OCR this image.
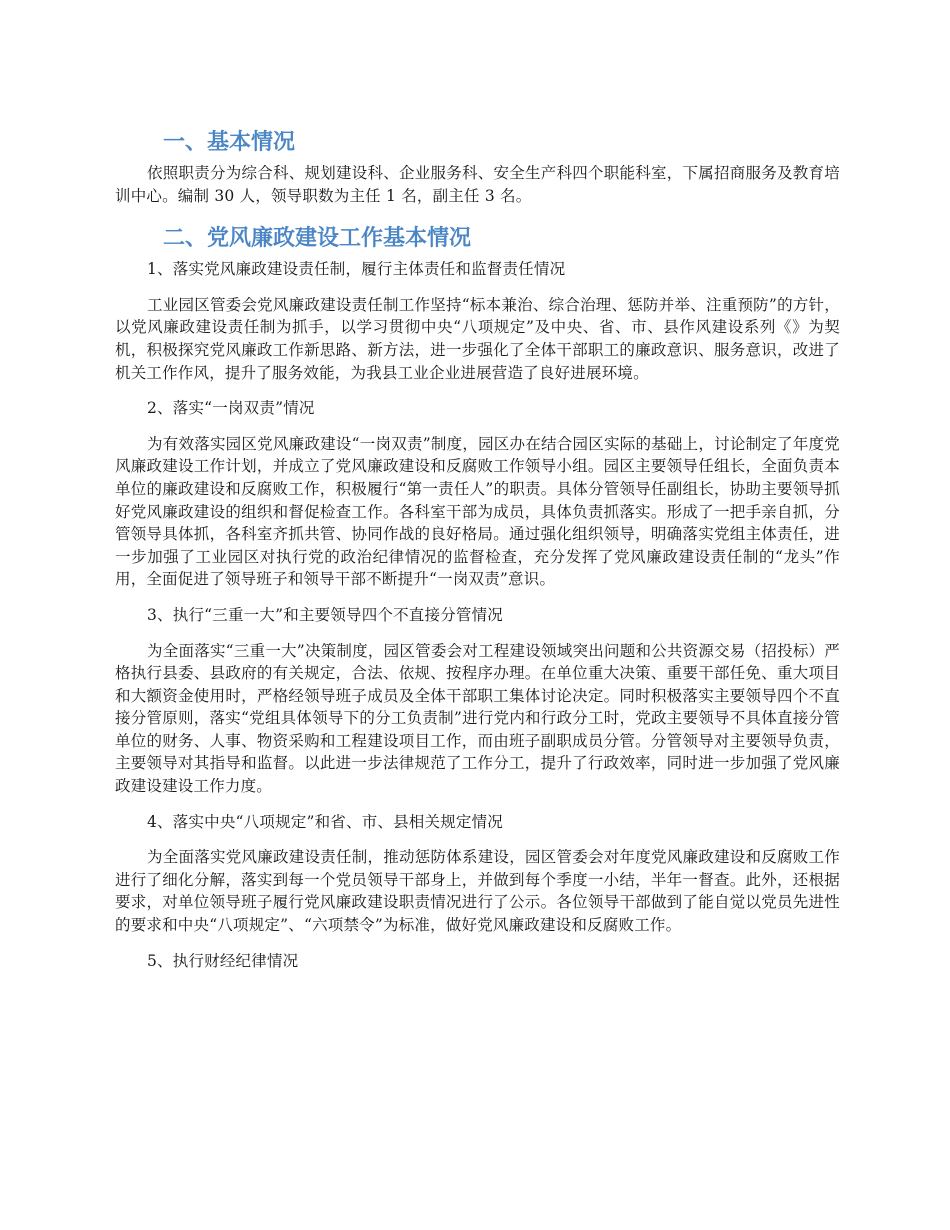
一、基本情况

依照职责分为综合科、规划建设科、企业服务科、安全生产科四个职能科室，下属招商服务及教育培训中心。编制 30 人，领导职数为主任 1 名，副主任 3 名。

二、党风廉政建设工作基本情况

1、落实党风廉政建设责任制，履行主体责任和监督责任情况

工业园区管委会党风廉政建设责任制工作坚持“标本兼治、综合治理、惩防并举、注重预防”的方针，以党风廉政建设责任制为抓手，以学习贯彻中央“八项规定”及中央、省、市、县作风建设系列《》为契机，积极探究党风廉政工作新思路、新方法，进一步强化了全体干部职工的廉政意识、服务意识，改进了机关工作作风，提升了服务效能，为我县工业企业进展营造了良好进展环境。

2、落实“一岗双责”情况

为有效落实园区党风廉政建设“一岗双责”制度，园区办在结合园区实际的基础上，讨论制定了年度党风廉政建设工作计划，并成立了党风廉政建设和反腐败工作领导小组。园区主要领导任组长，全面负责本单位的廉政建设和反腐败工作，积极履行“第一责任人”的职责。具体分管领导任副组长，协助主要领导抓好党风廉政建设的组织和督促检查工作。各科室干部为成员，具体负责抓落实。形成了一把手亲自抓，分管领导具体抓，各科室齐抓共管、协同作战的良好格局。通过强化组织领导，明确落实党组主体责任，进一步加强了工业园区对执行党的政治纪律情况的监督检查，充分发挥了党风廉政建设责任制的“龙头”作用，全面促进了领导班子和领导干部不断提升“一岗双责”意识。

3、执行“三重一大”和主要领导四个不直接分管情况

为全面落实“三重一大”决策制度，园区管委会对工程建设领域突出问题和公共资源交易（招投标）严格执行县委、县政府的有关规定，合法、依规、按程序办理。在单位重大决策、重要干部任免、重大项目和大额资金使用时，严格经领导班子成员及全体干部职工集体讨论决定。同时积极落实主要领导四个不直接分管原则，落实“党组具体领导下的分工负责制”进行党内和行政分工时，党政主要领导不具体直接分管单位的财务、人事、物资采购和工程建设项目工作，而由班子副职成员分管。分管领导对主要领导负责，主要领导对其指导和监督。以此进一步法律规范了工作分工，提升了行政效率，同时进一步加强了党风廉政建设建设工作力度。

4、落实中央“八项规定”和省、市、县相关规定情况

为全面落实党风廉政建设责任制，推动惩防体系建设，园区管委会对年度党风廉政建设和反腐败工作进行了细化分解，落实到每一个党员领导干部身上，并做到每个季度一小结，半年一督查。此外，还根据要求，对单位领导班子履行党风廉政建设职责情况进行了公示。各位领导干部做到了能自觉以党员先进性的要求和中央“八项规定”、“六项禁令”为标准，做好党风廉政建设和反腐败工作。

5、执行财经纪律情况
